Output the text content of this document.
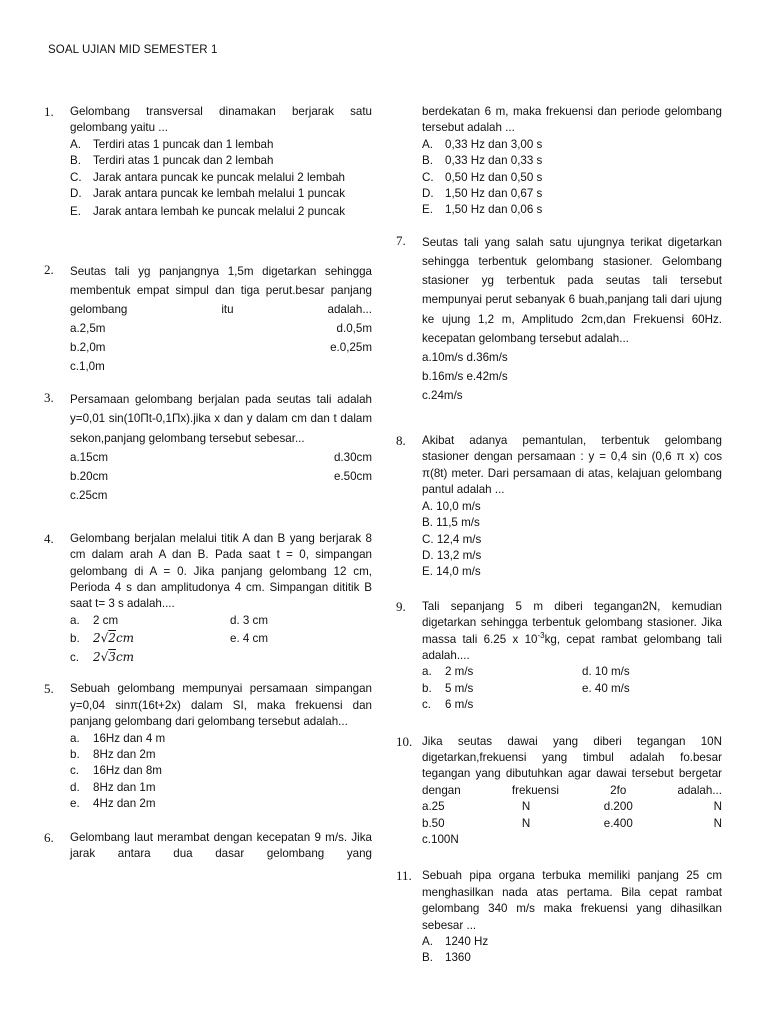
SOAL UJIAN MID SEMESTER 1
1. Gelombang transversal dinamakan berjarak satu gelombang yaitu ...
A. Terdiri atas 1 puncak dan 1 lembah
B. Terdiri atas 1 puncak dan 2 lembah
C. Jarak antara puncak ke puncak melalui 2 lembah
D. Jarak antara puncak ke lembah melalui 1 puncak
E. Jarak antara lembah ke puncak melalui 2 puncak
2. Seutas tali yg panjangnya 1,5m digetarkan sehingga membentuk empat simpul dan tiga perut.besar panjang gelombang itu adalah...
a.2,5m	d.0,5m
b.2,0m	e.0,25m
c.1,0m
3. Persamaan gelombang berjalan pada seutas tali adalah y=0,01 sin(10Πt-0,1Πx).jika x dan y dalam cm dan t dalam sekon,panjang gelombang tersebut sebesar...
a.15cm	d.30cm
b.20cm	e.50cm
c.25cm
4. Gelombang berjalan melalui titik A dan B yang berjarak 8 cm dalam arah A dan B. Pada saat t = 0, simpangan gelombang di A = 0. Jika panjang gelombang 12 cm, Perioda 4 s dan amplitudonya 4 cm. Simpangan dititik B saat t= 3 s adalah....
a. 2 cm	d. 3 cm
b. 2√2cm	e. 4 cm
c. 2√3cm
5. Sebuah gelombang mempunyai persamaan simpangan y=0,04 sinπ(16t+2x) dalam SI, maka frekuensi dan panjang gelombang dari gelombang tersebut adalah...
a. 16Hz dan 4 m
b. 8Hz dan 2m
c. 16Hz dan 8m
d. 8Hz dan 1m
e. 4Hz dan 2m
6. Gelombang laut merambat dengan kecepatan 9 m/s. Jika jarak antara dua dasar gelombang yang
berdekatan 6 m, maka frekuensi dan periode gelombang tersebut adalah ...
A. 0,33 Hz dan 3,00 s
B. 0,33 Hz dan 0,33 s
C. 0,50 Hz dan 0,50 s
D. 1,50 Hz dan 0,67 s
E. 1,50 Hz dan 0,06 s
7. Seutas tali yang salah satu ujungnya terikat digetarkan sehingga terbentuk gelombang stasioner. Gelombang stasioner yg terbentuk pada seutas tali tersebut mempunyai perut sebanyak 6 buah,panjang tali dari ujung ke ujung 1,2 m, Amplitudo 2cm,dan Frekuensi 60Hz. kecepatan gelombang tersebut adalah...
a.10m/s d.36m/s
b.16m/s e.42m/s
c.24m/s
8. Akibat adanya pemantulan, terbentuk gelombang stasioner dengan persamaan : y = 0,4 sin (0,6 π x) cos π(8t) meter. Dari persamaan di atas, kelajuan gelombang pantul adalah ...
A. 10,0 m/s
B. 11,5 m/s
C. 12,4 m/s
D. 13,2 m/s
E. 14,0 m/s
9. Tali sepanjang 5 m diberi tegangan2N, kemudian digetarkan sehingga terbentuk gelombang stasioner. Jika massa tali 6.25 x $10^{-3}kg$, cepat rambat gelombang tali adalah....
a. 2 m/s	d. 10 m/s
b. 5 m/s	e. 40 m/s
c. 6 m/s
10. Jika seutas dawai yang diberi tegangan 10N digetarkan,frekuensi yang timbul adalah fo.besar tegangan yang dibutuhkan agar dawai tersebut bergetar dengan frekuensi 2fo adalah...
a.25	N	d.200	N
b.50	N	e.400	N
c.100N
11. Sebuah pipa organa terbuka memiliki panjang 25 cm menghasilkan nada atas pertama. Bila cepat rambat gelombang 340 m/s maka frekuensi yang dihasilkan sebesar ...
A. 1240 Hz
B. 1360
